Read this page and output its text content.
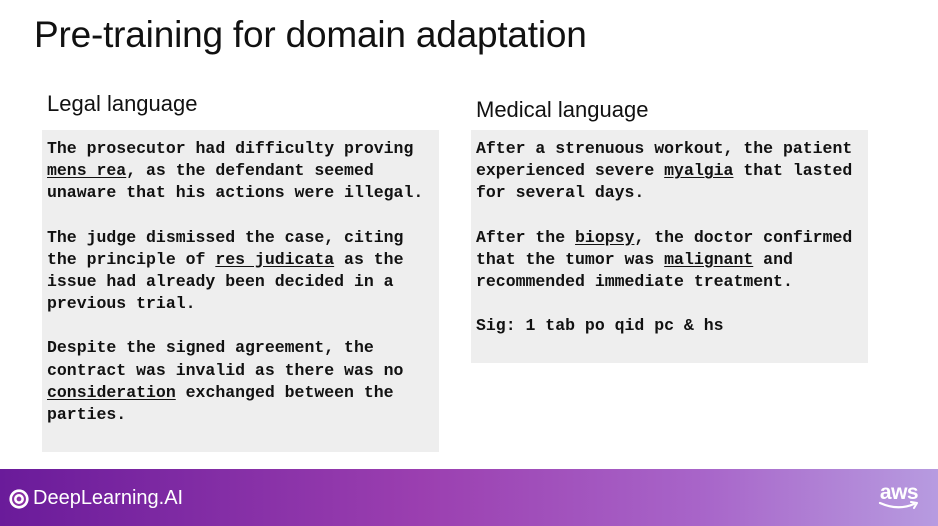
Pre-training for domain adaptation
Legal language

The prosecutor had difficulty proving mens rea, as the defendant seemed unaware that his actions were illegal.

The judge dismissed the case, citing the principle of res judicata as the issue had already been decided in a previous trial.

Despite the signed agreement, the contract was invalid as there was no consideration exchanged between the parties.

Medical language

After a strenuous workout, the patient experienced severe myalgia that lasted for several days.

After the biopsy, the doctor confirmed that the tumor was malignant and recommended immediate treatment.

Sig: 1 tab po qid pc & hs

DeepLearning.AI	aws
